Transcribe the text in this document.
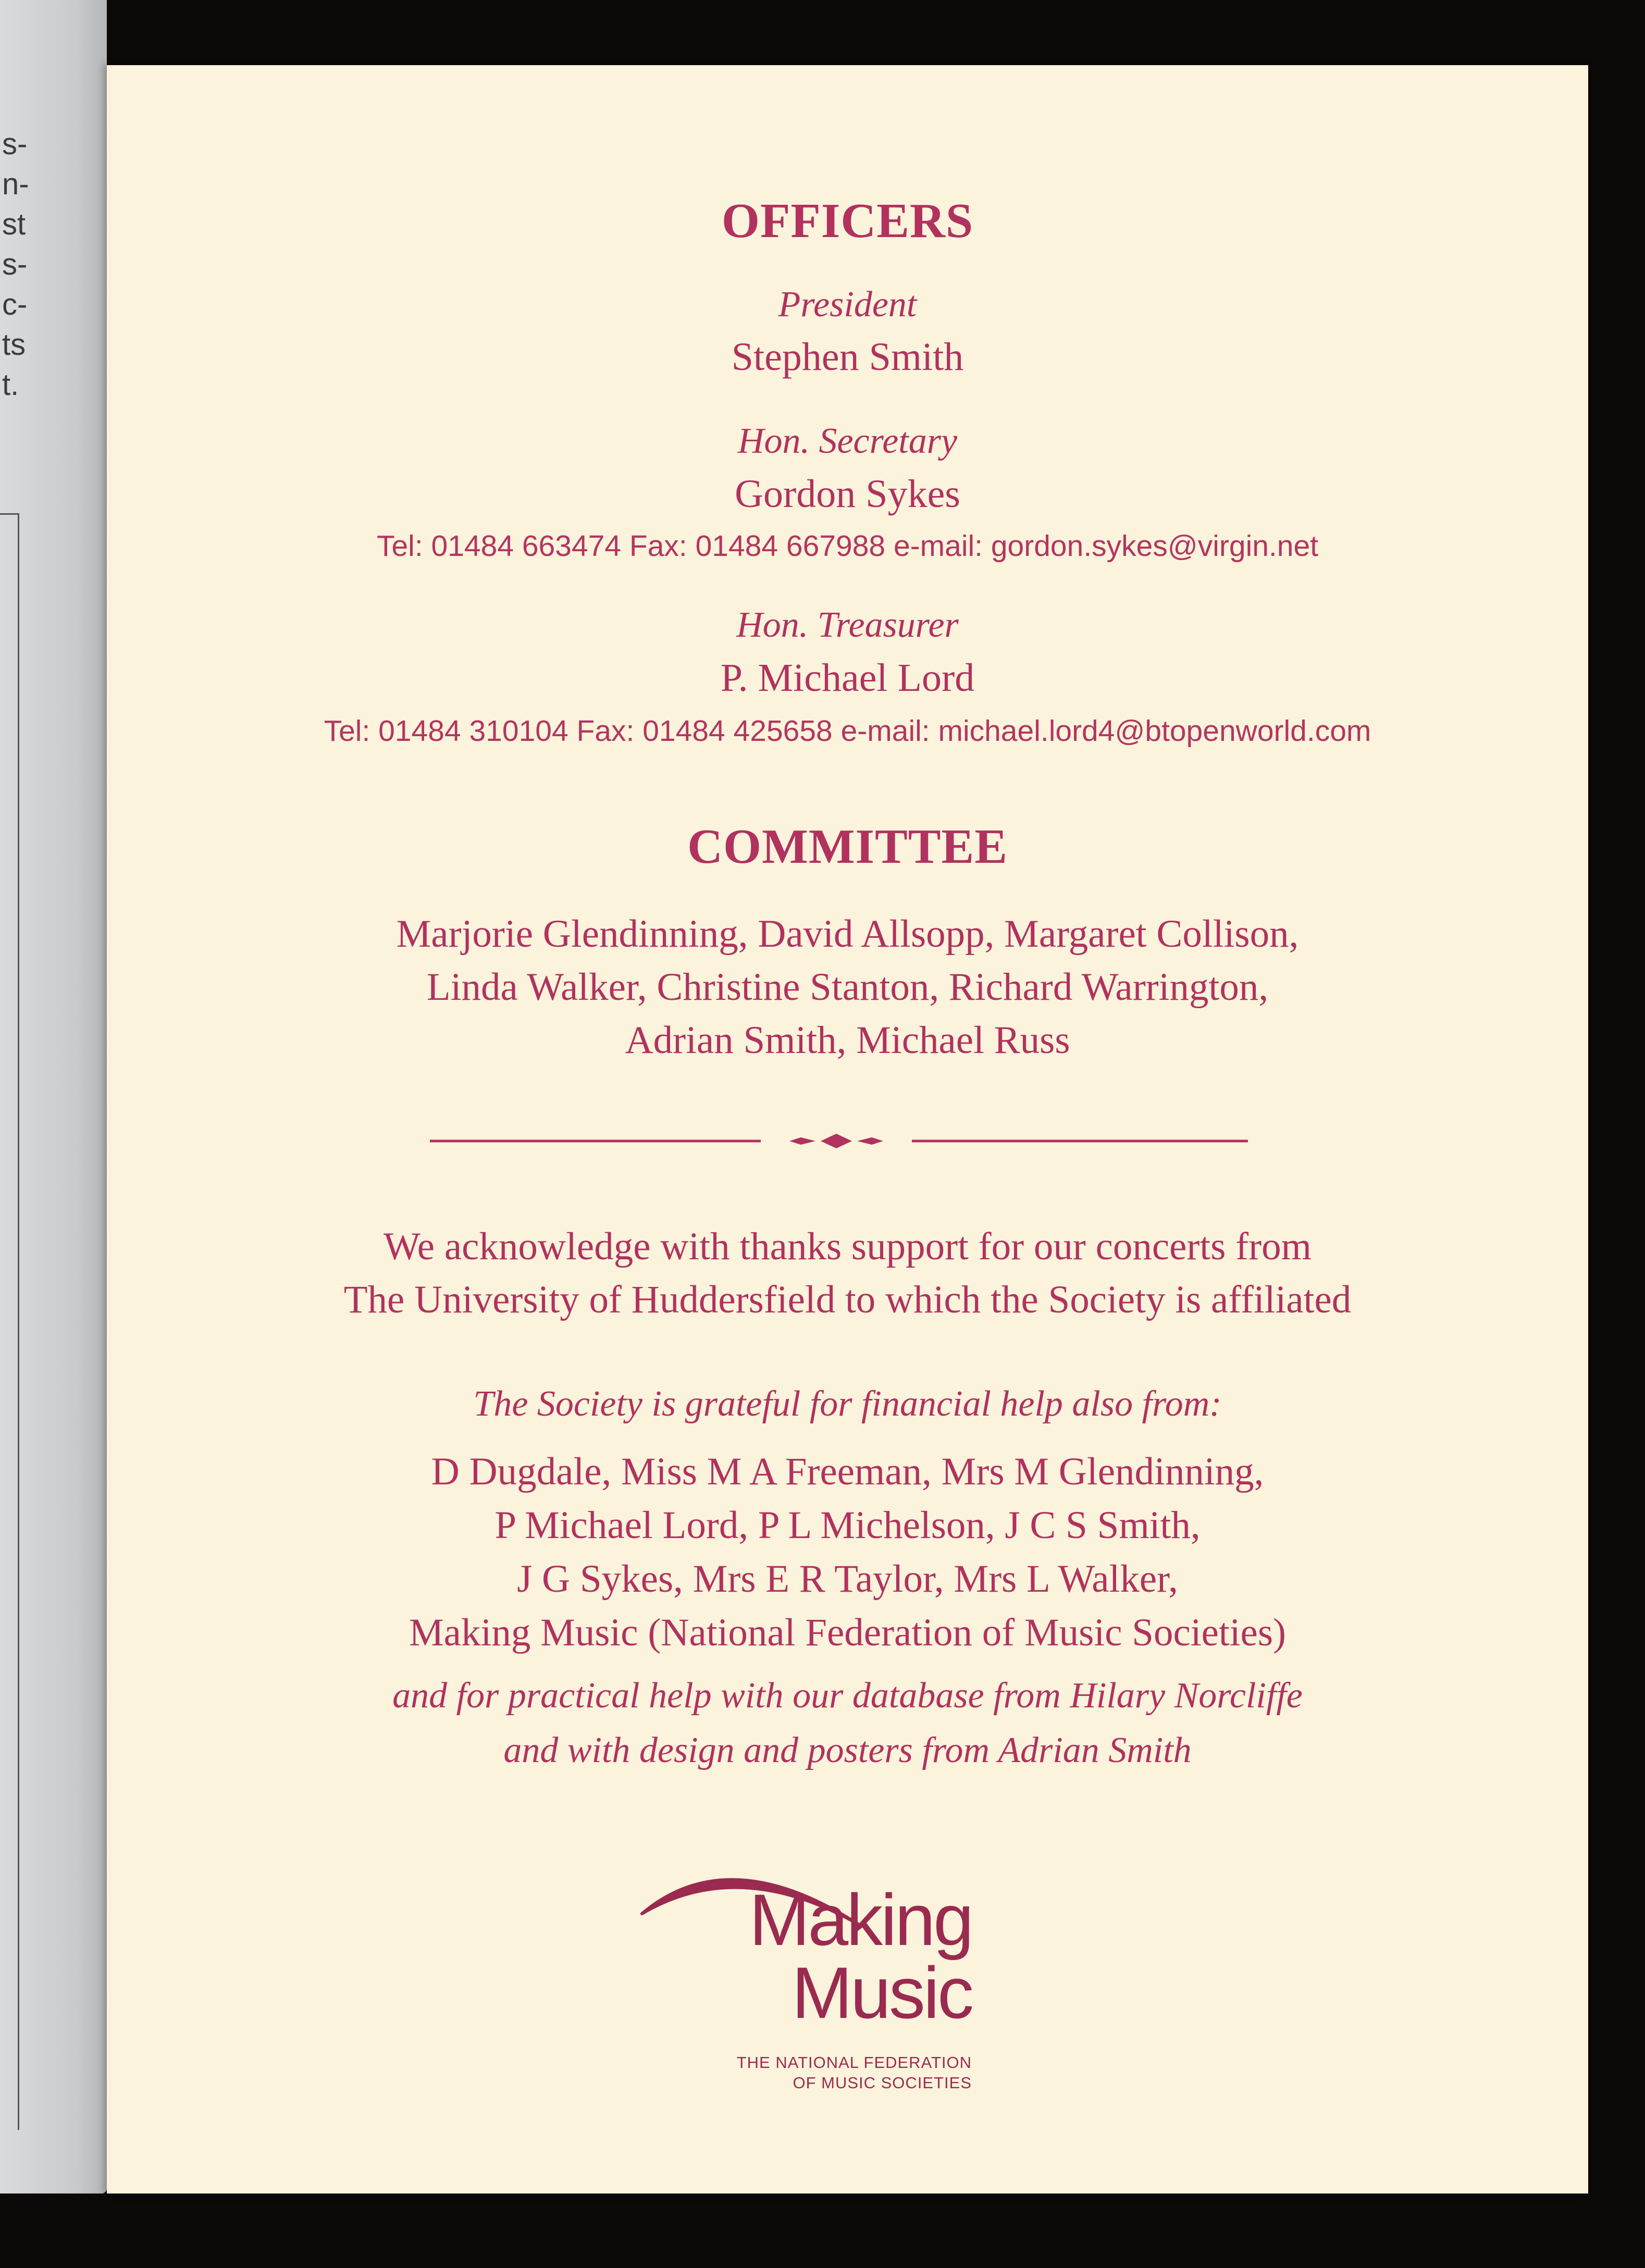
s-
n-
st
s-
c-
ts
t.
OFFICERS
President
Stephen Smith
Hon. Secretary
Gordon Sykes
Tel: 01484 663474 Fax: 01484 667988 e-mail: gordon.sykes@virgin.net
Hon. Treasurer
P. Michael Lord
Tel: 01484 310104 Fax: 01484 425658 e-mail: michael.lord4@btopenworld.com
COMMITTEE
Marjorie Glendinning, David Allsopp, Margaret Collison,
Linda Walker, Christine Stanton, Richard Warrington,
Adrian Smith, Michael Russ
We acknowledge with thanks support for our concerts from
The University of Huddersfield to which the Society is affiliated
The Society is grateful for financial help also from:
D Dugdale, Miss M A Freeman, Mrs M Glendinning,
P Michael Lord, P L Michelson, J C S Smith,
J G Sykes, Mrs E R Taylor, Mrs L Walker,
Making Music (National Federation of Music Societies)
and for practical help with our database from Hilary Norcliffe
and with design and posters from Adrian Smith
Making
Music
THE NATIONAL FEDERATION
OF MUSIC SOCIETIES
